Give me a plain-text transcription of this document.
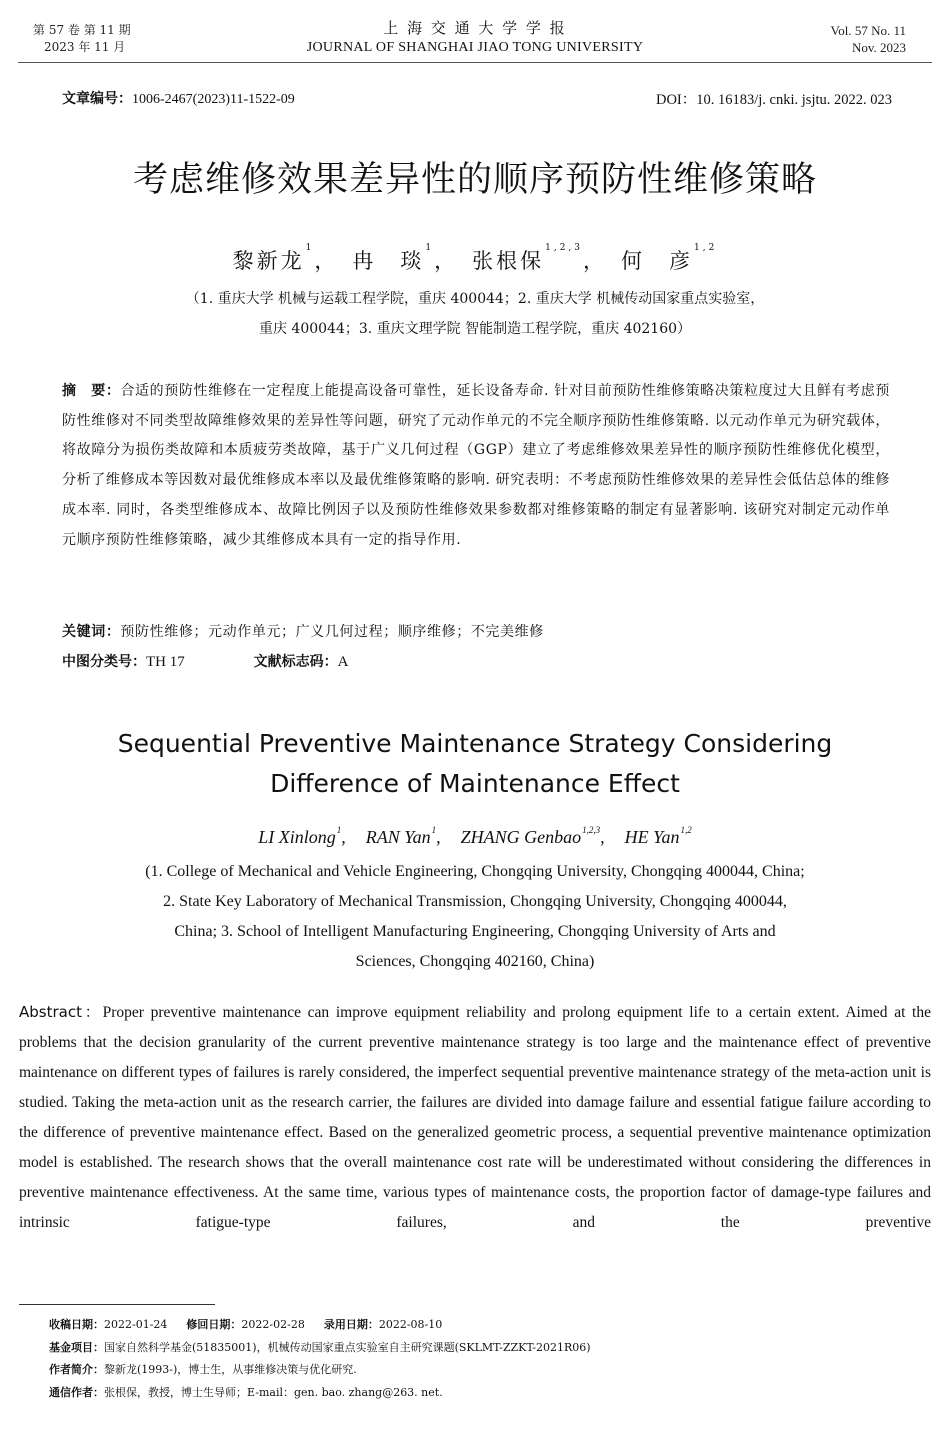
第 57 卷 第 11 期
2023 年 11 月
上 海 交 通 大 学 学 报
JOURNAL OF SHANGHAI JIAO TONG UNIVERSITY
Vol. 57 No. 11
Nov. 2023
文章编号：1006-2467(2023)11-1522-09	DOI：10. 16183/j. cnki. jsjtu. 2022. 023
考虑维修效果差异性的顺序预防性维修策略
黎新龙$^1$， 冉　琰$^1$， 张根保$^{1,2,3}$， 何　彦$^{1,2}$
（1. 重庆大学 机械与运载工程学院，重庆 400044；2. 重庆大学 机械传动国家重点实验室，
重庆 400044；3. 重庆文理学院 智能制造工程学院，重庆 402160）
摘　要：合适的预防性维修在一定程度上能提高设备可靠性，延长设备寿命. 针对目前预防性维修策略决策粒度过大且鲜有考虑预防性维修对不同类型故障维修效果的差异性等问题，研究了元动作单元的不完全顺序预防性维修策略. 以元动作单元为研究载体，将故障分为损伤类故障和本质疲劳类故障，基于广义几何过程（GGP）建立了考虑维修效果差异性的顺序预防性维修优化模型，分析了维修成本等因数对最优维修成本率以及最优维修策略的影响. 研究表明：不考虑预防性维修效果的差异性会低估总体的维修成本率. 同时，各类型维修成本、故障比例因子以及预防性维修效果参数都对维修策略的制定有显著影响. 该研究对制定元动作单元顺序预防性维修策略，减少其维修成本具有一定的指导作用.
关键词：预防性维修；元动作单元；广义几何过程；顺序维修；不完美维修
中图分类号：TH 17	文献标志码：A
Sequential Preventive Maintenance Strategy Considering
Difference of Maintenance Effect
LI Xinlong$^1$, RAN Yan$^1$, ZHANG Genbao$^{1,2,3}$, HE Yan$^{1,2}$
(1. College of Mechanical and Vehicle Engineering, Chongqing University, Chongqing 400044, China;
2. State Key Laboratory of Mechanical Transmission, Chongqing University, Chongqing 400044,
China; 3. School of Intelligent Manufacturing Engineering, Chongqing University of Arts and
Sciences, Chongqing 402160, China)
Abstract：Proper preventive maintenance can improve equipment reliability and prolong equipment life to a certain extent. Aimed at the problems that the decision granularity of the current preventive maintenance strategy is too large and the maintenance effect of preventive maintenance on different types of failures is rarely considered, the imperfect sequential preventive maintenance strategy of the meta-action unit is studied. Taking the meta-action unit as the research carrier, the failures are divided into damage failure and essential fatigue failure according to the difference of preventive maintenance effect. Based on the generalized geometric process, a sequential preventive maintenance optimization model is established. The research shows that the overall maintenance cost rate will be underestimated without considering the differences in preventive maintenance effectiveness. At the same time, various types of maintenance costs, the proportion factor of damage-type failures and intrinsic fatigue-type failures, and the preventive
收稿日期：2022-01-24 修回日期：2022-02-28 录用日期：2022-08-10
基金项目：国家自然科学基金(51835001)，机械传动国家重点实验室自主研究课题(SKLMT-ZZKT-2021R06)
作者简介：黎新龙(1993-)，博士生，从事维修决策与优化研究.
通信作者：张根保，教授，博士生导师；E-mail：gen. bao. zhang@263. net.
